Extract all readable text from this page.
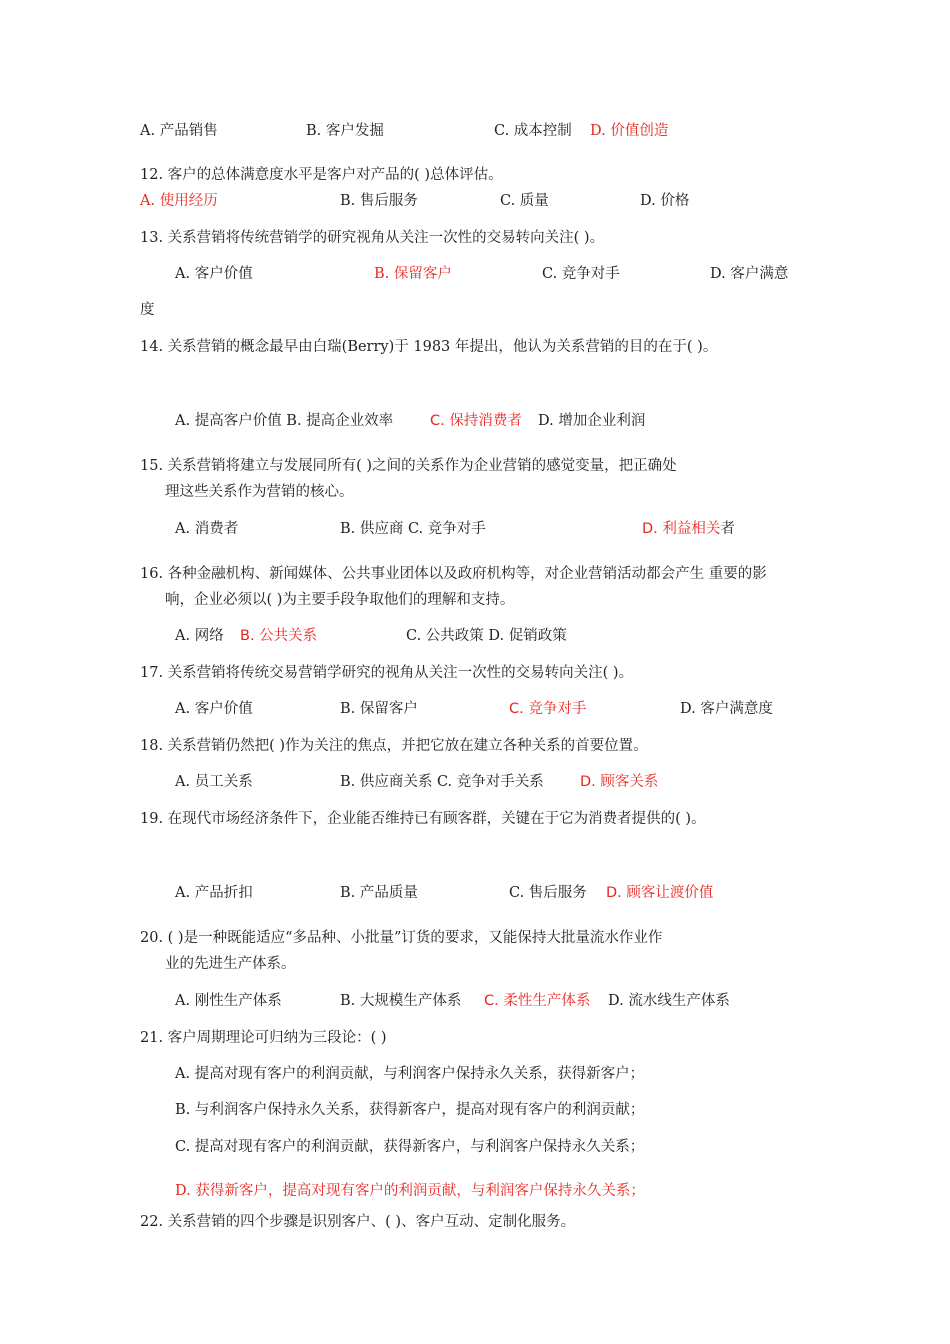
A. 产品销售	B. 客户发掘	C. 成本控制 D. 价值创造
12. 客户的总体满意度水平是客户对产品的( )总体评估。
A. 使用经历	B. 售后服务	C. 质量	D. 价格
13. 关系营销将传统营销学的研究视角从关注一次性的交易转向关注( )。
A. 客户价值	B. 保留客户	C. 竞争对手	D. 客户满意
度
14. 关系营销的概念最早由白瑞(Berry)于 1983 年提出，他认为关系营销的目的在于( )。
A. 提高客户价值 B. 提高企业效率	C. 保持消费者 D. 增加企业利润
15. 关系营销将建立与发展同所有( )之间的关系作为企业营销的感觉变量，把正确处
理这些关系作为营销的核心。
A. 消费者	B. 供应商 C. 竞争对手	D. 利益相关者
16. 各种金融机构、新闻媒体、公共事业团体以及政府机构等，对企业营销活动都会产生 重要的影
响，企业必须以( )为主要手段争取他们的理解和支持。
A. 网络 B. 公共关系	C. 公共政策 D. 促销政策
17. 关系营销将传统交易营销学研究的视角从关注一次性的交易转向关注( )。
A. 客户价值	B. 保留客户	C. 竞争对手	D. 客户满意度
18. 关系营销仍然把( )作为关注的焦点，并把它放在建立各种关系的首要位置。
A. 员工关系	B. 供应商关系 C. 竞争对手关系 D. 顾客关系
19. 在现代市场经济条件下，企业能否维持已有顾客群，关键在于它为消费者提供的( )。
A. 产品折扣	B. 产品质量	C. 售后服务 D. 顾客让渡价值
20. ( )是一种既能适应“多品种、小批量”订货的要求，又能保持大批量流水作业作
业的先进生产体系。
A. 刚性生产体系	B. 大规模生产体系 C. 柔性生产体系 D. 流水线生产体系
21. 客户周期理论可归纳为三段论：( )
A. 提高对现有客户的利润贡献，与利润客户保持永久关系，获得新客户；
B. 与利润客户保持永久关系，获得新客户，提高对现有客户的利润贡献；
C. 提高对现有客户的利润贡献，获得新客户，与利润客户保持永久关系；
D. 获得新客户，提高对现有客户的利润贡献，与利润客户保持永久关系；
22. 关系营销的四个步骤是识别客户、( )、客户互动、定制化服务。
